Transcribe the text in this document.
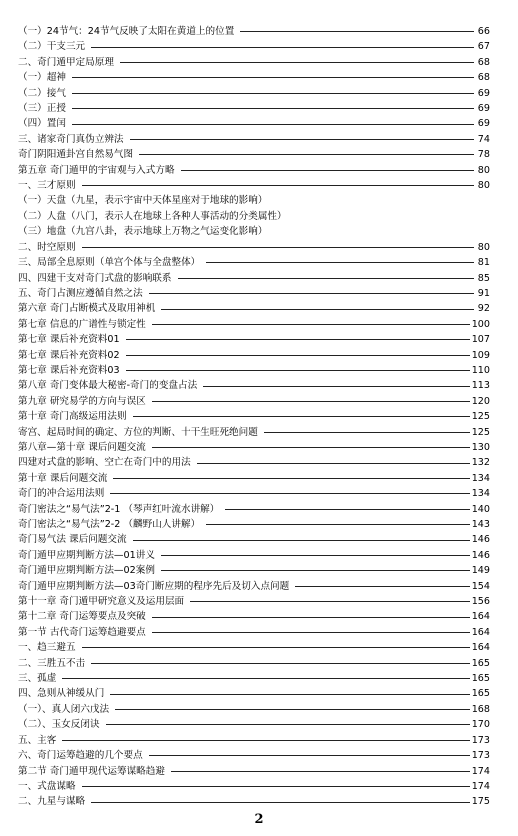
（一）24节气：24节气反映了太阳在黄道上的位置	66
（二）干支三元	67
二、奇门遁甲定局原理	68
（一）超神	68
（二）接气	69
（三）正授	69
（四）置闰	69
三、诸家奇门真伪立辨法	74
奇门阴阳遁卦宫自然易气图	78
第五章 奇门遁甲的宇宙观与入式方略	80
一、三才原则	80
（一）天盘（九星，表示宇宙中天体星座对于地球的影响）
（二）人盘（八门，表示人在地球上各种人事活动的分类属性）
（三）地盘（九宫八卦，表示地球上万物之气运变化影响）
二、时空原则	80
三、局部全息原则（单宫个体与全盘整体）	81
四、四建干支对奇门式盘的影响联系	85
五、奇门占测应遵循自然之法	91
第六章 奇门占断模式及取用神机	92
第七章 信息的广谱性与锁定性	100
第七章 课后补充资料01	107
第七章 课后补充资料02	109
第七章 课后补充资料03	110
第八章 奇门变体最大秘密-奇门的变盘占法	113
第九章 研究易学的方向与误区	120
第十章 奇门高级运用法则	125
寄宫、起局时间的确定、方位的判断、十干生旺死绝问题	125
第八章—第十章 课后问题交流	130
四建对式盘的影响、空亡在奇门中的用法	132
第十章 课后问题交流	134
奇门的冲合运用法则	134
奇门密法之“易气法”2-1 （琴声红叶流水讲解）	140
奇门密法之“易气法”2-2 （麟野山人讲解）	143
奇门易气法 课后问题交流	146
奇门遁甲应期判断方法—01讲义	146
奇门遁甲应期判断方法—02案例	149
奇门遁甲应期判断方法—03奇门断应期的程序先后及切入点问题	154
第十一章 奇门遁甲研究意义及运用层面	156
第十二章 奇门运筹要点及突破	164
第一节 古代奇门运筹趋避要点	164
一、趋三避五	164
二、三胜五不击	165
三、孤虚	165
四、急则从神缓从门	165
（一）、真人闭六戊法	168
（二）、玉女反闭诀	170
五、主客	173
六、奇门运筹趋避的几个要点	173
第二节 奇门遁甲现代运筹谋略趋避	174
一、式盘谋略	174
二、九星与谋略	175
2
